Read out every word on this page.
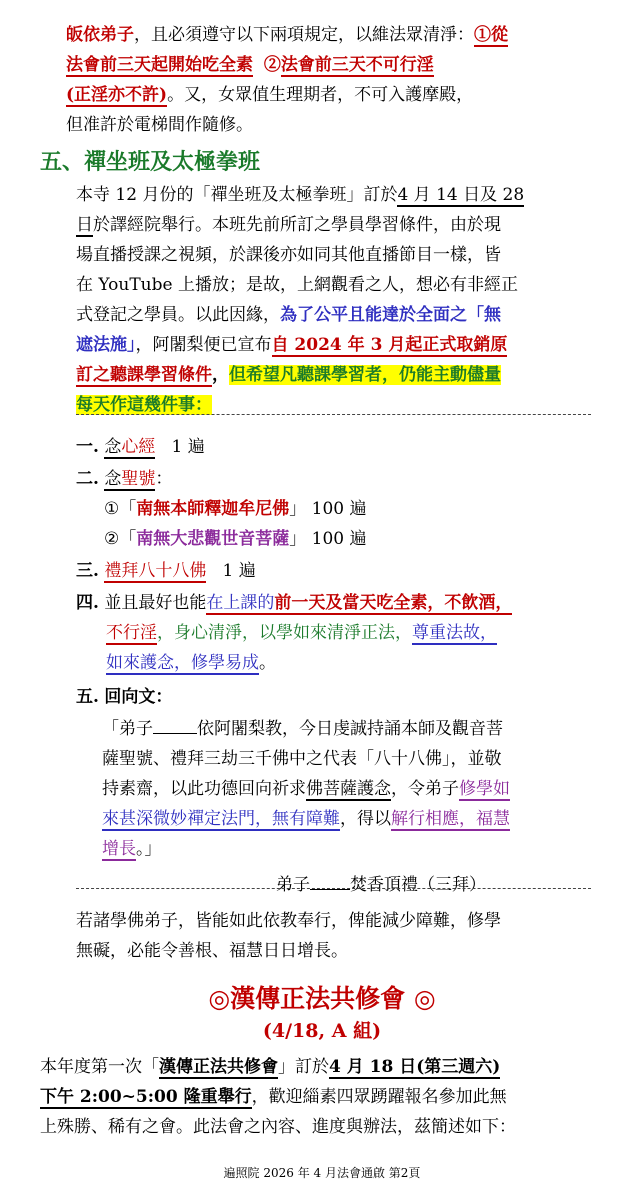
皈依弟子，且必須遵守以下兩項規定，以維法眾清淨：①從
法會前三天起開始吃全素 ②法會前三天不可行淫
(正淫亦不許)。又，女眾值生理期者，不可入護摩殿，
但准許於電梯間作隨修。
五、禪坐班及太極拳班
本寺 12 月份的「禪坐班及太極拳班」訂於4 月 14 日及 28
日於譯經院舉行。本班先前所訂之學員學習條件，由於現
場直播授課之視頻，於課後亦如同其他直播節目一樣，皆
在 YouTube 上播放；是故，上網觀看之人，想必有非經正
式登記之學員。以此因緣，為了公平且能達於全面之「無
遮法施」，阿闍梨便已宣布自 2024 年 3 月起正式取銷原
訂之聽課學習條件，但希望凡聽課學習者，仍能主動儘量
每天作這幾件事：
一. 念心經 1 遍
二. 念聖號：
①「南無本師釋迦牟尼佛」 100 遍
②「南無大悲觀世音菩薩」 100 遍
三. 禮拜八十八佛 1 遍
四. 並且最好也能在上課的前一天及當天吃全素，不飲酒，
不行淫，身心清淨，以學如來清淨正法，尊重法故，
如來護念，修學易成。
五. 回向文：
「弟子	依阿闍梨教，今日虔誠持誦本師及觀音菩
薩聖號、禮拜三劫三千佛中之代表「八十八佛」，並敬
持素齋，以此功德回向祈求佛菩薩護念，令弟子修學如
來甚深微妙禪定法門，無有障難，得以解行相應，福慧
增長。」
弟子 焚香頂禮（三拜）
若諸學佛弟子，皆能如此依教奉行，俾能減少障難，修學
無礙，必能令善根、福慧日日增長。
◎漢傳正法共修會 ◎
(4/18, A 組)
本年度第一次「漢傳正法共修會」訂於4 月 18 日(第三週六)
下午 2:00~5:00 隆重舉行，歡迎緇素四眾踴躍報名參加此無
上殊勝、稀有之會。此法會之內容、進度與辦法，茲簡述如下：
遍照院 2026 年 4 月法會通啟 第2頁
